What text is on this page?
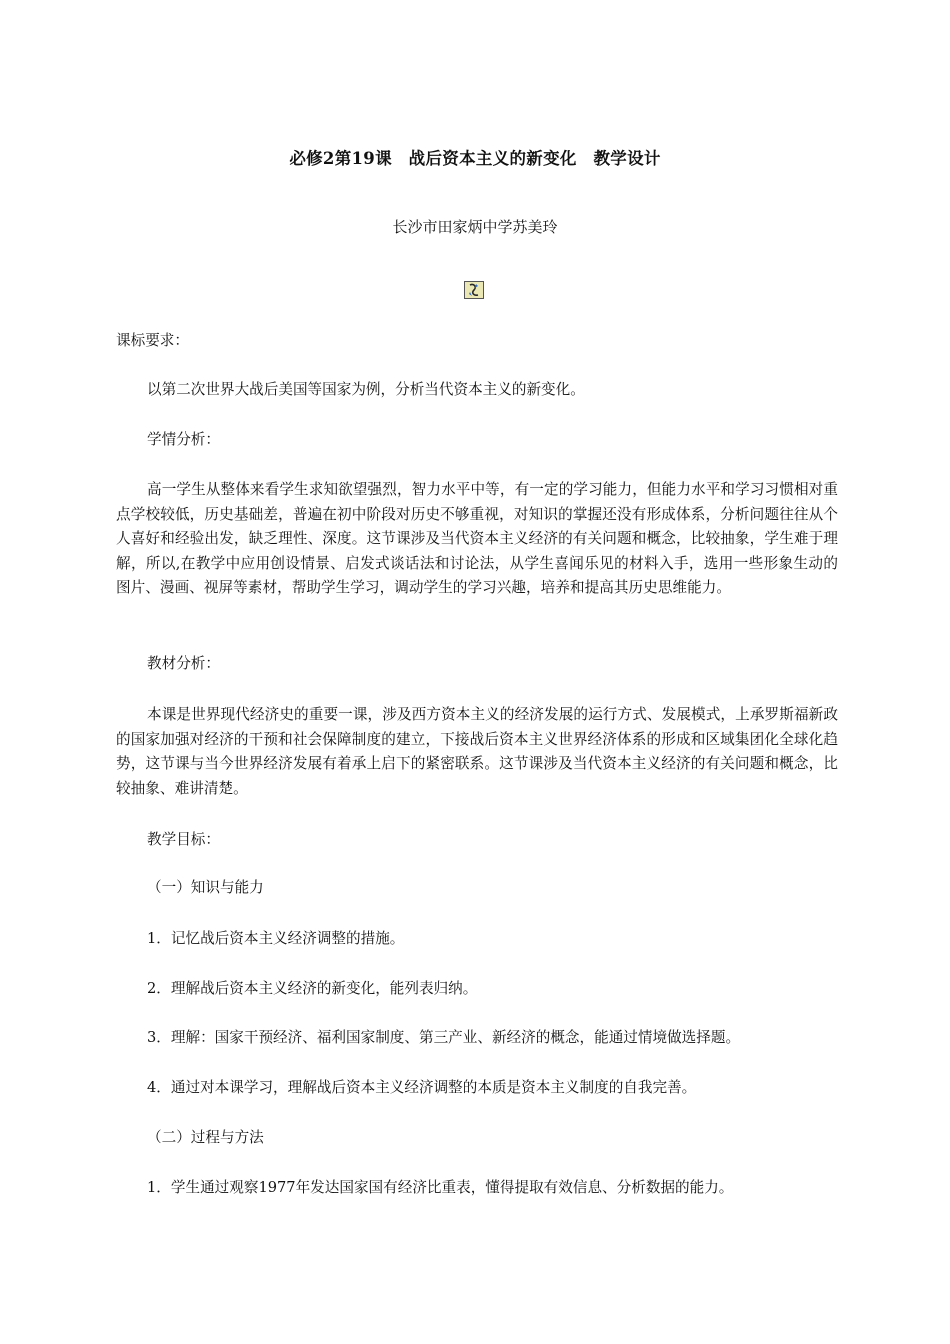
必修2第19课　战后资本主义的新变化　教学设计
长沙市田家炳中学苏美玲

课标要求：

以第二次世界大战后美国等国家为例，分析当代资本主义的新变化。

学情分析：

高一学生从整体来看学生求知欲望强烈，智力水平中等，有一定的学习能力，但能力水平和学习习惯相对重点学校较低，历史基础差，普遍在初中阶段对历史不够重视，对知识的掌握还没有形成体系，分析问题往往从个人喜好和经验出发，缺乏理性、深度。这节课涉及当代资本主义经济的有关问题和概念，比较抽象，学生难于理解，所以,在教学中应用创设情景、启发式谈话法和讨论法，从学生喜闻乐见的材料入手，选用一些形象生动的图片、漫画、视屏等素材，帮助学生学习，调动学生的学习兴趣，培养和提高其历史思维能力。

教材分析：

本课是世界现代经济史的重要一课，涉及西方资本主义的经济发展的运行方式、发展模式，上承罗斯福新政的国家加强对经济的干预和社会保障制度的建立，下接战后资本主义世界经济体系的形成和区域集团化全球化趋势，这节课与当今世界经济发展有着承上启下的紧密联系。这节课涉及当代资本主义经济的有关问题和概念，比较抽象、难讲清楚。

教学目标：

（一）知识与能力

1．记忆战后资本主义经济调整的措施。

2．理解战后资本主义经济的新变化，能列表归纳。

3．理解：国家干预经济、福利国家制度、第三产业、新经济的概念，能通过情境做选择题。

4．通过对本课学习，理解战后资本主义经济调整的本质是资本主义制度的自我完善。

（二）过程与方法

1．学生通过观察1977年发达国家国有经济比重表，懂得提取有效信息、分析数据的能力。
